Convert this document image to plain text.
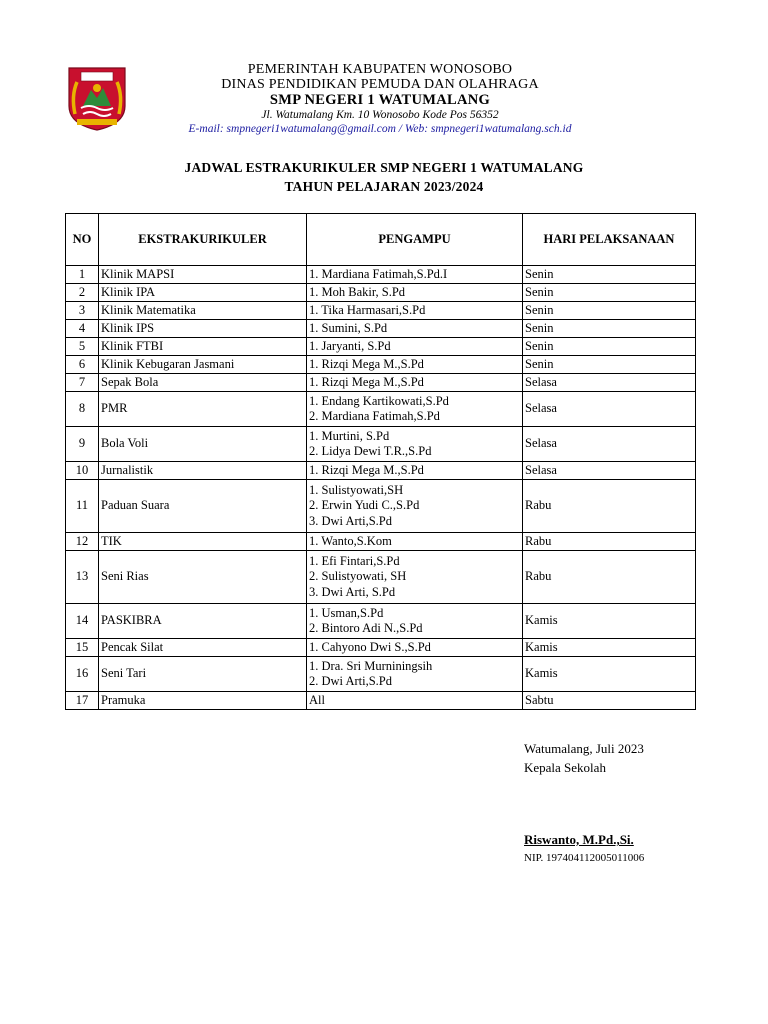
PEMERINTAH KABUPATEN WONOSOBO
DINAS PENDIDIKAN PEMUDA DAN OLAHRAGA
SMP NEGERI 1 WATUMALANG
Jl. Watumalang Km. 10 Wonosobo Kode Pos 56352
E-mail: smpnegeri1watumalang@gmail.com / Web: smpnegeri1watumalang.sch.id
JADWAL ESTRAKURIKULER SMP NEGERI 1 WATUMALANG
TAHUN PELAJARAN 2023/2024
NO	EKSTRAKURIKULER	PENGAMPU	HARI PELAKSANAAN
1	Klinik MAPSI	1. Mardiana Fatimah,S.Pd.I	Senin
2	Klinik IPA	1. Moh Bakir, S.Pd	Senin
3	Klinik Matematika	1. Tika Harmasari,S.Pd	Senin
4	Klinik IPS	1. Sumini, S.Pd	Senin
5	Klinik FTBI	1. Jaryanti, S.Pd	Senin
6	Klinik Kebugaran Jasmani	1. Rizqi Mega M.,S.Pd	Senin
7	Sepak Bola	1. Rizqi Mega M.,S.Pd	Selasa
8	PMR	1. Endang Kartikowati,S.Pd
2. Mardiana Fatimah,S.Pd	Selasa
9	Bola Voli	1. Murtini, S.Pd
2. Lidya Dewi T.R.,S.Pd	Selasa
10	Jurnalistik	1. Rizqi Mega M.,S.Pd	Selasa
11	Paduan Suara	1. Sulistyowati,SH
2. Erwin Yudi C.,S.Pd
3. Dwi Arti,S.Pd	Rabu
12	TIK	1. Wanto,S.Kom	Rabu
13	Seni Rias	1. Efi Fintari,S.Pd
2. Sulistyowati, SH
3. Dwi Arti, S.Pd	Rabu
14	PASKIBRA	1. Usman,S.Pd
2. Bintoro Adi N.,S.Pd	Kamis
15	Pencak Silat	1. Cahyono Dwi S.,S.Pd	Kamis
16	Seni Tari	1. Dra. Sri Murniningsih
2. Dwi Arti,S.Pd	Kamis
17	Pramuka	All	Sabtu
Watumalang, Juli 2023
Kepala Sekolah
Riswanto, M.Pd.,Si.
NIP. 197404112005011006
